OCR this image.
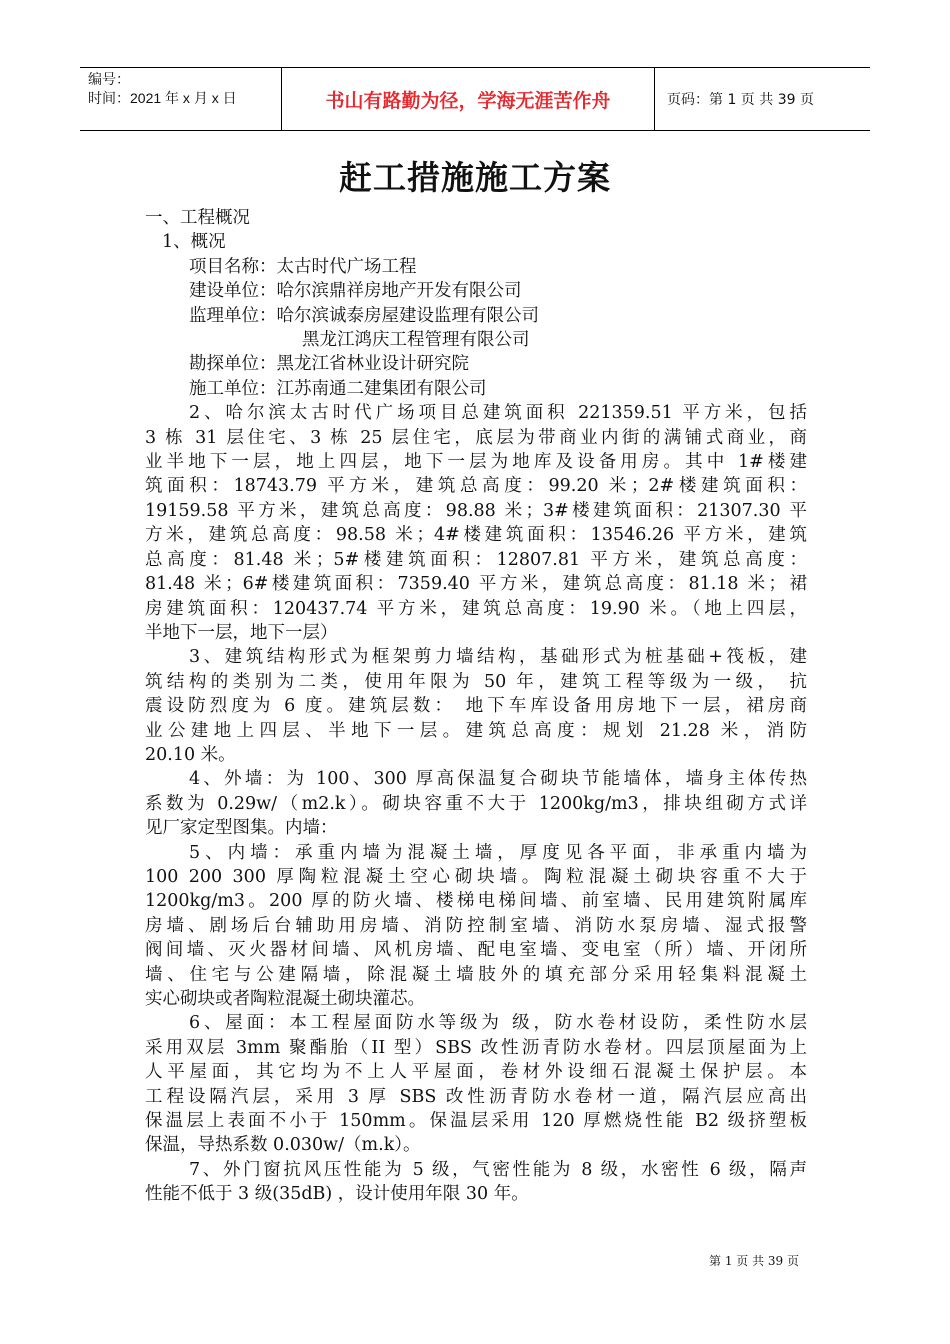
编号：
时间：2021 年 x 月 x 日	书山有路勤为径，学海无涯苦作舟	页码：第 1 页 共 39 页
赶工措施施工方案
一、工程概况
1、概况
项目名称：太古时代广场工程
建设单位：哈尔滨鼎祥房地产开发有限公司
监理单位：哈尔滨诚泰房屋建设监理有限公司
黑龙江鸿庆工程管理有限公司
勘探单位：黑龙江省林业设计研究院
施工单位：江苏南通二建集团有限公司
2、哈尔滨太古时代广场项目总建筑面积 221359.51 平方米，包括
3 栋 31 层住宅、3 栋 25 层住宅，底层为带商业内街的满铺式商业，商
业半地下一层，地上四层，地下一层为地库及设备用房。其中 1#楼建
筑面积：18743.79 平方米，建筑总高度：99.20 米；2#楼建筑面积：
19159.58 平方米，建筑总高度：98.88 米；3#楼建筑面积：21307.30 平
方米，建筑总高度：98.58 米；4#楼建筑面积：13546.26 平方米，建筑
总高度：81.48 米；5#楼建筑面积：12807.81 平方米，建筑总高度：
81.48 米；6#楼建筑面积：7359.40 平方米，建筑总高度：81.18 米；裙
房建筑面积：120437.74 平方米，建筑总高度：19.90 米。（地上四层，
半地下一层，地下一层）
3、建筑结构形式为框架剪力墙结构，基础形式为桩基础+筏板，建
筑结构的类别为二类，使用年限为 50 年，建筑工程等级为一级， 抗
震设防烈度为 6 度。建筑层数： 地下车库设备用房地下一层，裙房商
业公建地上四层、半地下一层。建筑总高度：规划 21.28 米，消防
20.10 米。
4、外墙：为 100、300 厚高保温复合砌块节能墙体，墙身主体传热
系数为 0.29w/（m2.k）。砌块容重不大于 1200kg/m3，排块组砌方式详
见厂家定型图集。内墙：
5、内墙：承重内墙为混凝土墙，厚度见各平面，非承重内墙为
100 200 300 厚陶粒混凝土空心砌块墙。陶粒混凝土砌块容重不大于
1200kg/m3。200 厚的防火墙、楼梯电梯间墙、前室墙、民用建筑附属库
房墙、剧场后台辅助用房墙、消防控制室墙、消防水泵房墙、湿式报警
阀间墙、灭火器材间墙、风机房墙、配电室墙、变电室（所）墙、开闭所
墙、住宅与公建隔墙，除混凝土墙肢外的填充部分采用轻集料混凝土
实心砌块或者陶粒混凝土砌块灌芯。
6、屋面：本工程屋面防水等级为 级，防水卷材设防，柔性防水层
采用双层 3mm 聚酯胎（II 型）SBS 改性沥青防水卷材。四层顶屋面为上
人平屋面，其它均为不上人平屋面，卷材外设细石混凝土保护层。本
工程设隔汽层，采用 3 厚 SBS 改性沥青防水卷材一道，隔汽层应高出
保温层上表面不小于 150mm。保温层采用 120 厚燃烧性能 B2 级挤塑板
保温，导热系数 0.030w/（m.k）。
7、外门窗抗风压性能为 5 级，气密性能为 8 级，水密性 6 级，隔声
性能不低于 3 级(35dB) ，设计使用年限 30 年。
第 1 页 共 39 页
